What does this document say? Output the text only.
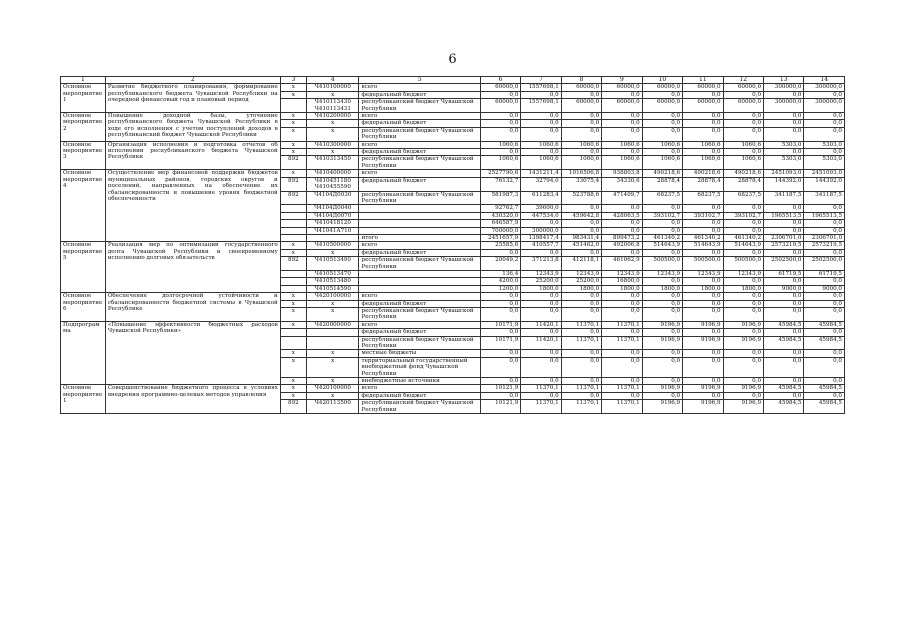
6
1	2	3	4	5	6	7	8	9	10	11	12	13	14
Основное мероприятие 1	Развитие бюджетного планирования, формирование республиканского бюджета Чувашской Республики на очередной финансовый год и плановый период	х	Ч410100000	всего	60000,0	1557698,1	60000,0	60000,0	60000,0	60000,0	60000,0	300000,0	300000,0
		х	х	федеральный бюджет	0,0	0,0	0,0	0,0	0,0	0,0	0,0	0,0	0,0
			Ч410113430 Ч410113431	республиканский бюджет Чувашской Республики	60000,0	1557698,1	60000,0	60000,0	60000,0	60000,0	60000,0	300000,0	300000,0
Основное мероприятие 2	Повышение доходной базы, уточнение республиканского бюджета Чувашской Республики в ходе его исполнения с учетом поступлений доходов в республиканский бюджет Чувашской Республики	х	Ч410200000	всего	0,0	0,0	0,0	0,0	0,0	0,0	0,0	0,0	0,0
		х	х	федеральный бюджет	0,0	0,0	0,0	0,0	0,0	0,0	0,0	0,0	0,0
		х	х	республиканский бюджет Чувашской Республики	0,0	0,0	0,0	0,0	0,0	0,0	0,0	0,0	0,0
Основное мероприятие 3	Организация исполнения и подготовка отчетов об исполнении республиканского бюджета Чувашской Республики	х	Ч410300000	всего	1060,6	1060,6	1060,6	1060,6	1060,6	1060,6	1060,6	5303,0	5303,0
		х	х	федеральный бюджет	0,0	0,0	0,0	0,0	0,0	0,0	0,0	0,0	0,0
		892	Ч410313450	республиканский бюджет Чувашской Республики	1060,6	1060,6	1060,6	1060,6	1060,6	1060,6	1060,6	5303,0	5303,0
Основное мероприятие 4	Осуществление мер финансовой поддержки бюджетов муниципальных районов, городских округов и поселений, направленных на обеспечение их сбалансированности и повышение уровня бюджетной обеспеченности	х	Ч410400000	всего	2527790,6	1431211,4	1016506,8	938803,8	490218,6	490218,6	490218,6	2451093,0	2451093,0
		892	Ч410451180 Ч410455590	федеральный бюджет	76132,7	32794,0	33075,4	34330,6	28878,4	28878,4	28878,4	144392,0	144392,0
		892	Ч4104Д0030	республиканский бюджет Чувашской Республики	581987,3	611283,4	523788,6	471409,7	68237,5	68237,5	68237,5	341187,5	341187,5
			Ч4104Д0040		92762,7	39600,0	0,0	0,0	0,0	0,0	0,0	0,0	0,0
			Ч4104Д0070		430320,0	447534,0	459642,8	428063,5	393102,7	393102,7	393102,7	1965513,5	1965513,5
			Ч410418120		646587,9	0,0	0,0	0,0	0,0	0,0	0,0	0,0	0,0
			Ч41041А710		700000,0	300000,0	0,0	0,0	0,0	0,0	0,0	0,0	0,0
				итого	2451657,9	1398417,4	983431,4	899473,2	461340,2	461340,2	461340,2	2306701,0	2306701,0
Основное мероприятие 5	Реализация мер по оптимизации государственного долга Чувашской Республики и своевременному исполнению долговых обязательств	х	Ч410500000	всего	25585,6	410557,7	451462,0	492006,8	514643,9	514643,9	514643,9	2573219,5	2573219,5
		х	х	федеральный бюджет	0,0	0,0	0,0	0,0	0,0	0,0	0,0	0,0	0,0
		892	Ч410513490	республиканский бюджет Чувашской Республики	20049,2	371213,8	412118,1	461062,9	500500,0	500500,0	500500,0	2502500,0	2502500,0
			Ч410513470		136,4	12343,9	12343,9	12343,9	12343,9	12343,9	12343,9	61719,5	61719,5
			Ч410513480		4200,0	25200,0	25200,0	16800,0	0,0	0,0	0,0	0,0	0,0
			Ч410514590		1200,0	1800,0	1800,0	1800,0	1800,0	1800,0	1800,0	9000,0	9000,0
Основное мероприятие 6	Обеспечение долгосрочной устойчивости и сбалансированности бюджетной системы в Чувашской Республике	х	Ч420100000	всего	0,0	0,0	0,0	0,0	0,0	0,0	0,0	0,0	0,0
		х	х	федеральный бюджет	0,0	0,0	0,0	0,0	0,0	0,0	0,0	0,0	0,0
		х	х	республиканский бюджет Чувашской Республики	0,0	0,0	0,0	0,0	0,0	0,0	0,0	0,0	0,0
Подпрограмма	«Повышение эффективности бюджетных расходов Чувашской Республики»	х	Ч420000000	всего	10171,9	11420,1	11370,1	11370,1	9196,9	9196,9	9196,9	45984,5	45984,5
				федеральный бюджет	0,0	0,0	0,0	0,0	0,0	0,0	0,0	0,0	0,0
				республиканский бюджет Чувашской Республики	10171,9	11420,1	11370,1	11370,1	9196,9	9196,9	9196,9	45984,5	45984,5
		х	х	местные бюджеты	0,0	0,0	0,0	0,0	0,0	0,0	0,0	0,0	0,0
		х	х	территориальный государственный внебюджетный фонд Чувашской Республики	0,0	0,0	0,0	0,0	0,0	0,0	0,0	0,0	0,0
		х	х	внебюджетные источники	0,0	0,0	0,0	0,0	0,0	0,0	0,0	0,0	0,0
Основное мероприятие 1	Совершенствование бюджетного процесса в условиях внедрения программно-целевых методов управления	х	Ч420100000	всего	10121,9	11370,1	11370,1	11370,1	9196,9	9196,9	9196,9	45984,5	45984,5
		х	х	федеральный бюджет	0,0	0,0	0,0	0,0	0,0	0,0	0,0	0,0	0,0
		892	Ч420113500	республиканский бюджет Чувашской Республики	10121,9	11370,1	11370,1	11370,1	9196,9	9196,9	9196,9	45984,5	45984,5
